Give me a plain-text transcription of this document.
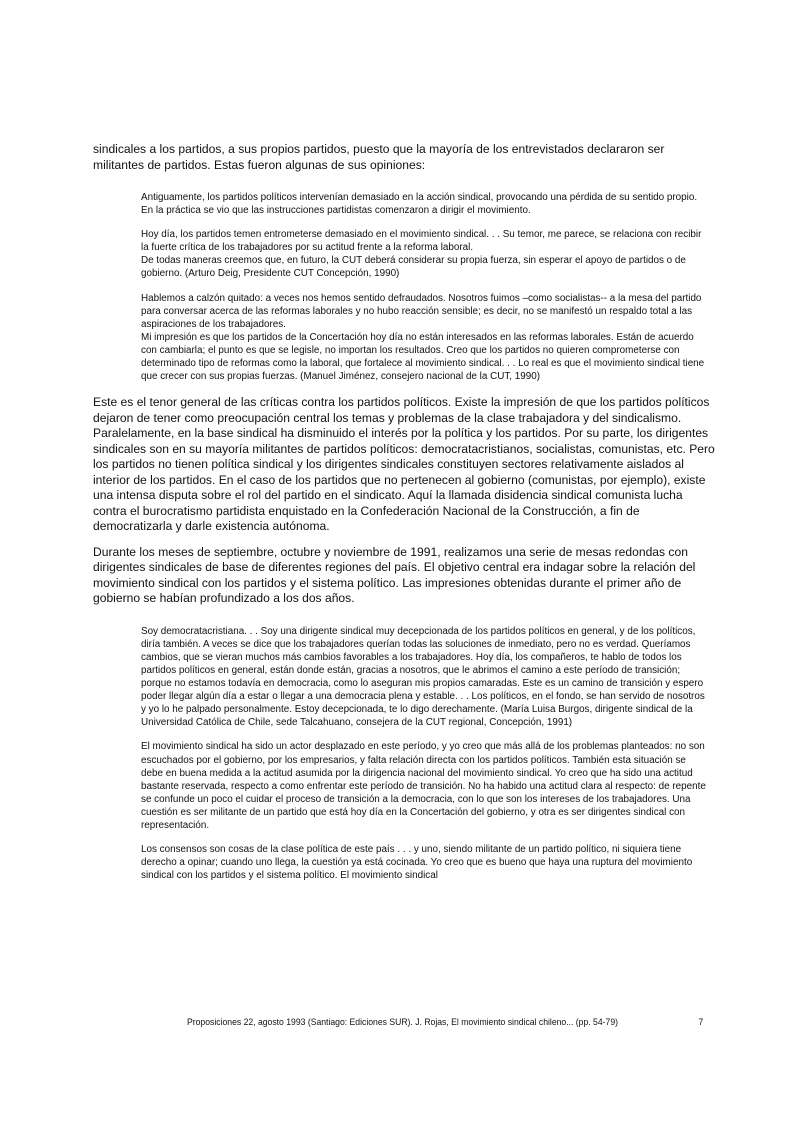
sindicales a los partidos, a sus propios partidos, puesto que la mayoría de los entrevistados declararon ser militantes de partidos. Estas fueron algunas de sus opiniones:

Antiguamente, los partidos políticos intervenían demasiado en la acción sindical, provocando una pérdida de su sentido propio. En la práctica se vio que las instrucciones partidistas comenzaron a dirigir el movimiento.

Hoy día, los partidos temen entrometerse demasiado en el movimiento sindical. . . Su temor, me parece, se relaciona con recibir la fuerte crítica de los trabajadores por su actitud frente a la reforma laboral.
De todas maneras creemos que, en futuro, la CUT deberá considerar su propia fuerza, sin esperar el apoyo de partidos o de gobierno. (Arturo Deig, Presidente CUT Concepción, 1990)

Hablemos a calzón quitado: a veces nos hemos sentido defraudados. Nosotros fuimos –como socialistas-- a la mesa del partido para conversar acerca de las reformas laborales y no hubo reacción sensible; es decir, no se manifestó un respaldo total a las aspiraciones de los trabajadores.
Mi impresión es que los partidos de la Concertación hoy día no están interesados en las reformas laborales. Están de acuerdo con cambiarla; el punto es que se legisle, no importan los resultados. Creo que los partidos no quieren comprometerse con determinado tipo de reformas como la laboral, que fortalece al movimiento sindical. . . Lo real es que el movimiento sindical tiene que crecer con sus propias fuerzas. (Manuel Jiménez, consejero nacional de la CUT, 1990)

Este es el tenor general de las críticas contra los partidos políticos. Existe la impresión de que los partidos políticos dejaron de tener como preocupación central los temas y problemas de la clase trabajadora y del sindicalismo. Paralelamente, en la base sindical ha disminuido el interés por la política y los partidos. Por su parte, los dirigentes sindicales son en su mayoría militantes de partidos políticos: democratacristianos, socialistas, comunistas, etc. Pero los partidos no tienen política sindical y los dirigentes sindicales constituyen sectores relativamente aislados al interior de los partidos. En el caso de los partidos que no pertenecen al gobierno (comunistas, por ejemplo), existe una intensa disputa sobre el rol del partido en el sindicato. Aquí la llamada disidencia sindical comunista lucha contra el burocratismo partidista enquistado en la Confederación Nacional de la Construcción, a fin de democratizarla y darle existencia autónoma.

Durante los meses de septiembre, octubre y noviembre de 1991, realizamos una serie de mesas redondas con dirigentes sindicales de base de diferentes regiones del país. El objetivo central era indagar sobre la relación del movimiento sindical con los partidos y el sistema político. Las impresiones obtenidas durante el primer año de gobierno se habían profundizado a los dos años.

Soy democratacristiana. . . Soy una dirigente sindical muy decepcionada de los partidos políticos en general, y de los políticos, diría también. A veces se dice que los trabajadores querían todas las soluciones de inmediato, pero no es verdad. Queríamos cambios, que se vieran muchos más cambios favorables a los trabajadores. Hoy día, los compañeros, te hablo de todos los partidos políticos en general, están donde están, gracias a nosotros, que le abrimos el camino a este período de transición; porque no estamos todavía en democracia, como lo aseguran mis propios camaradas. Este es un camino de transición y espero poder llegar algún día a estar o llegar a una democracia plena y estable. . . Los políticos, en el fondo, se han servido de nosotros y yo lo he palpado personalmente. Estoy decepcionada, te lo digo derechamente. (María Luisa Burgos, dirigente sindical de la Universidad Católica de Chile, sede Talcahuano, consejera de la CUT regional, Concepción, 1991)

El movimiento sindical ha sido un actor desplazado en este período, y yo creo que más allá de los problemas planteados: no son escuchados por el gobierno, por los empresarios, y falta relación directa con los partidos políticos. También esta situación se debe en buena medida a la actitud asumida por la dirigencia nacional del movimiento sindical. Yo creo que ha sido una actitud bastante reservada, respecto a como enfrentar este período de transición. No ha habido una actitud clara al respecto: de repente se confunde un poco el cuidar el proceso de transición a la democracia, con lo que son los intereses de los trabajadores. Una cuestión es ser militante de un partido que está hoy día en la Concertación del gobierno, y otra es ser dirigentes sindical con representación.

Los consensos son cosas de la clase política de este país . . . y uno, siendo militante de un partido político, ni siquiera tiene derecho a opinar; cuando uno llega, la cuestión ya está cocinada. Yo creo que es bueno que haya una ruptura del movimiento sindical con los partidos y el sistema político. El movimiento sindical

Proposiciones 22, agosto 1993 (Santiago: Ediciones SUR). J. Rojas, El movimiento sindical chileno... (pp. 54-79)	7
